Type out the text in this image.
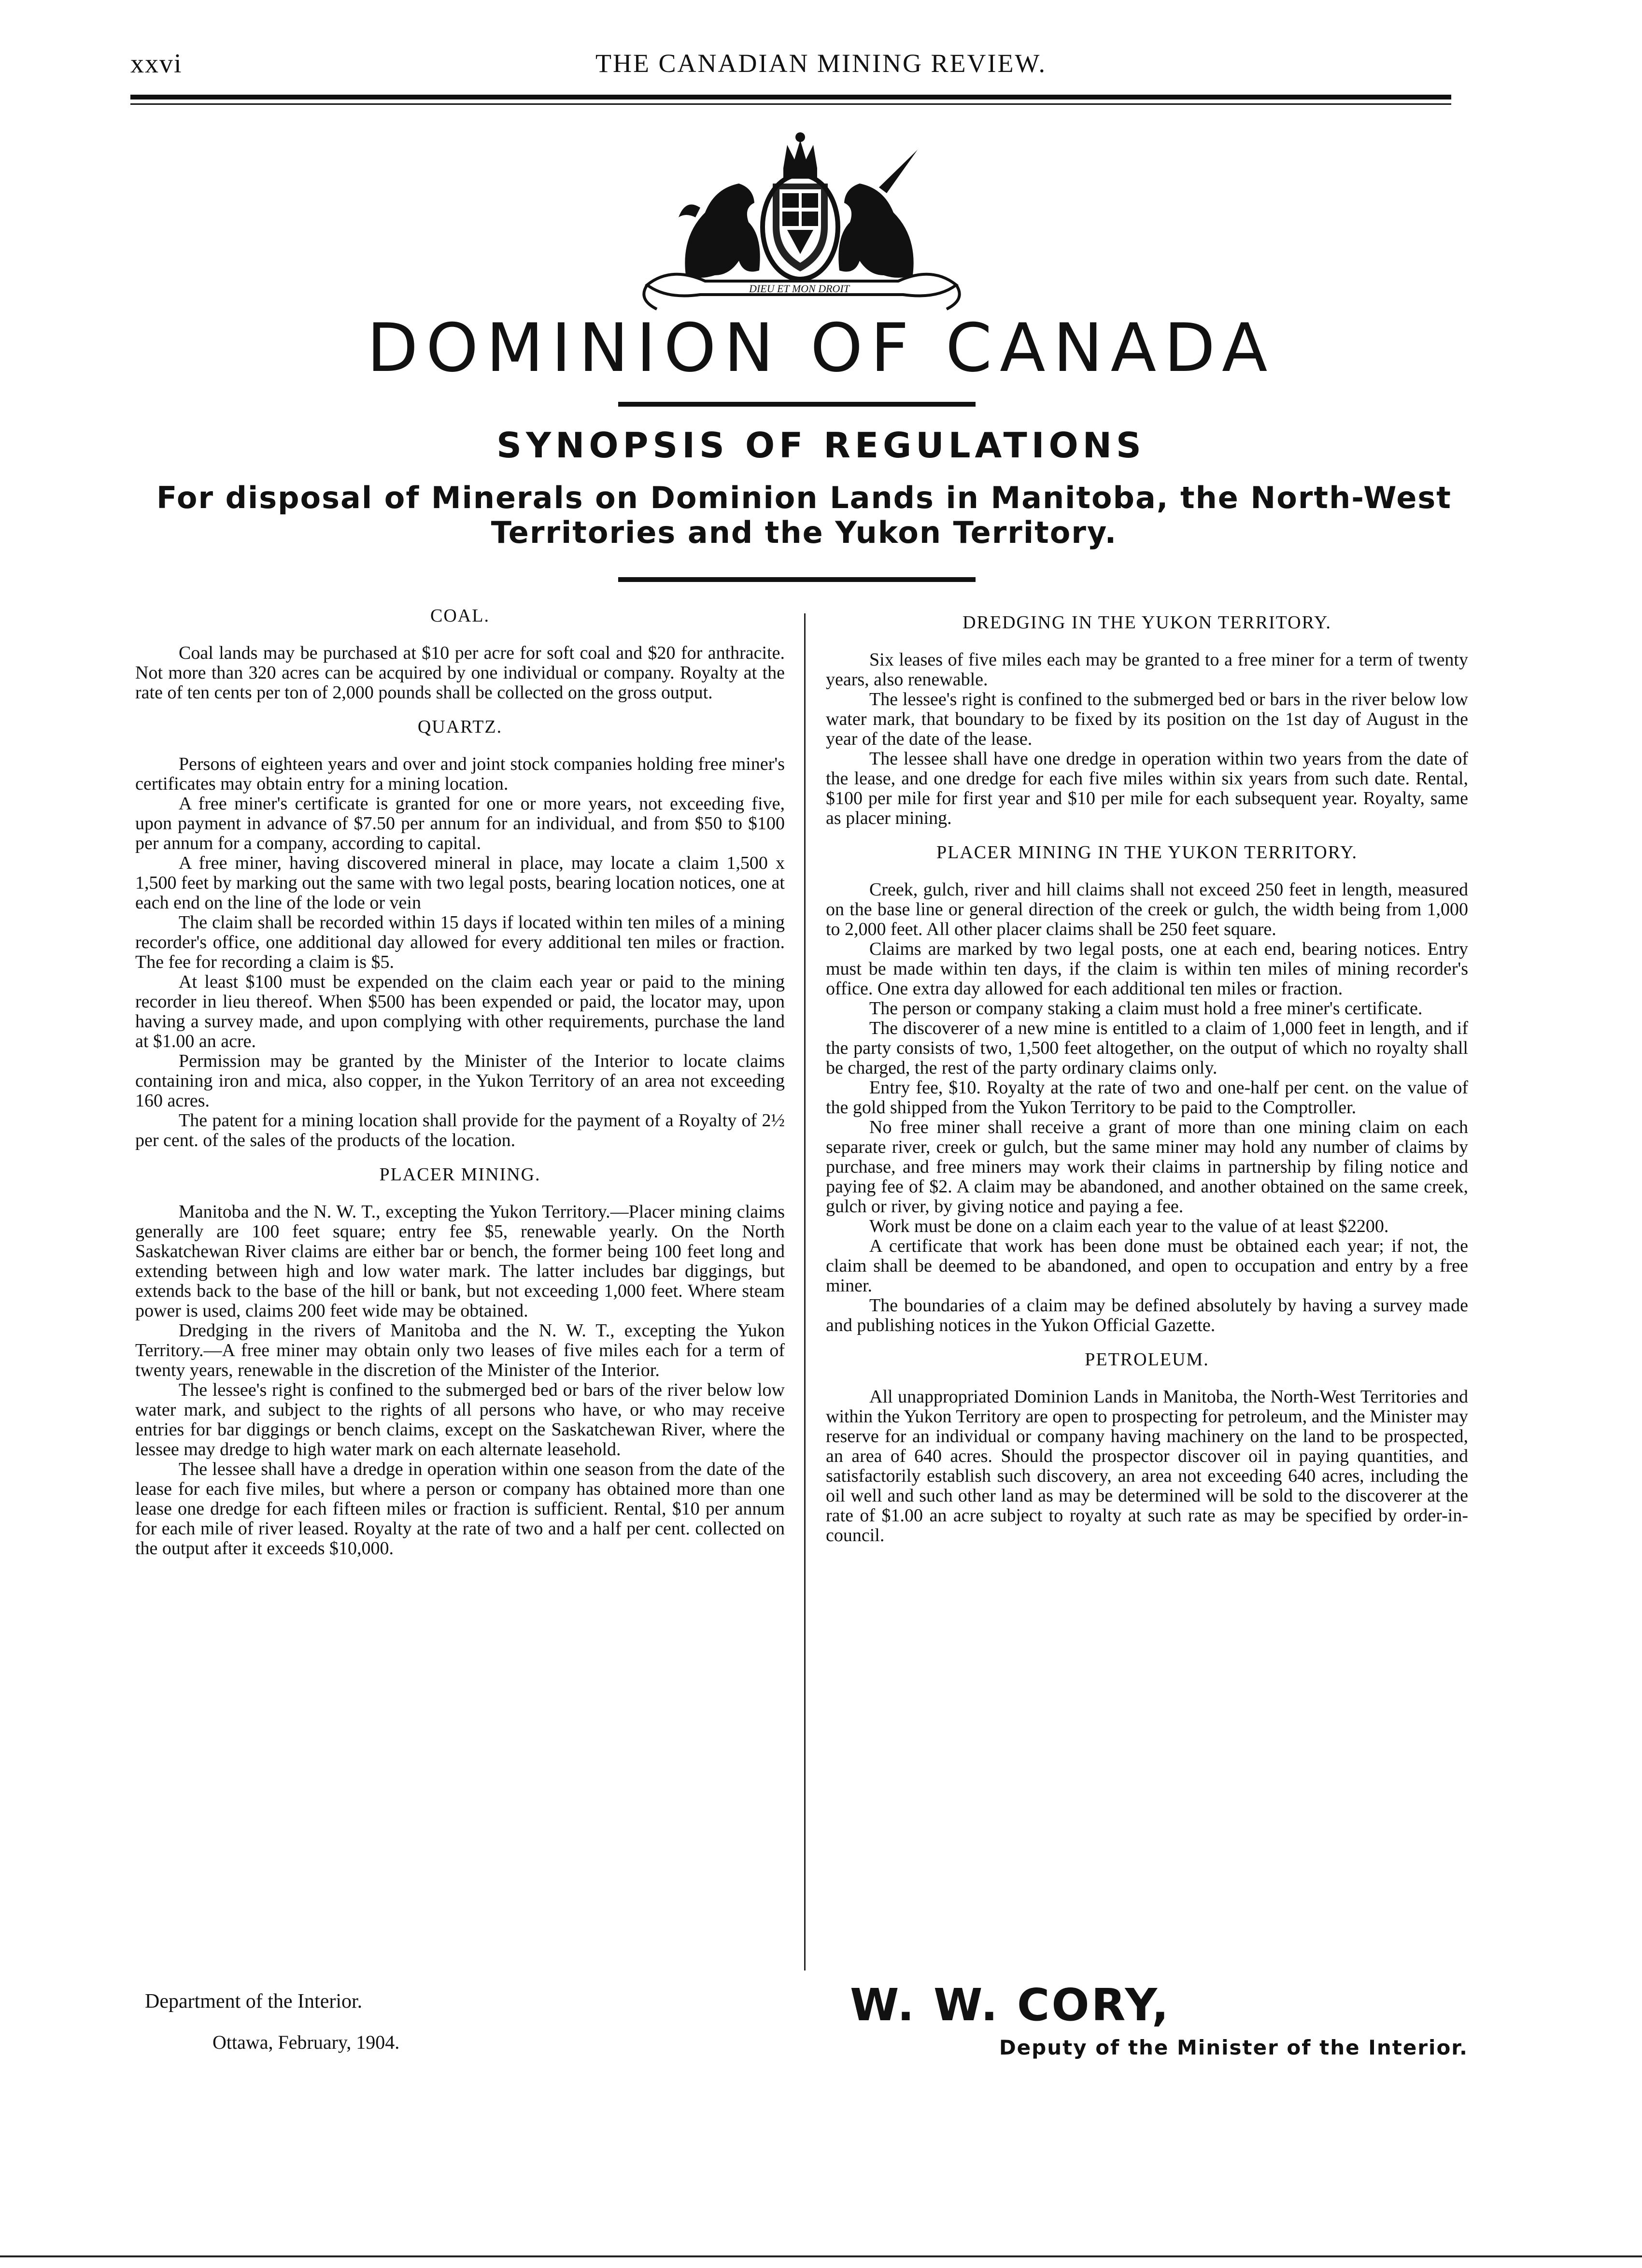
xxvi	THE CANADIAN MINING REVIEW.
DIEU ET MON DROIT
DOMINION OF CANADA
SYNOPSIS OF REGULATIONS
For disposal of Minerals on Dominion Lands in Manitoba, the North-West Territories and the Yukon Territory.
COAL.

Coal lands may be purchased at $10 per acre for soft coal and $20 for anthracite. Not more than 320 acres can be acquired by one individual or company. Royalty at the rate of ten cents per ton of 2,000 pounds shall be collected on the gross output.

QUARTZ.

Persons of eighteen years and over and joint stock companies holding free miner's certificates may obtain entry for a mining location.

A free miner's certificate is granted for one or more years, not exceeding five, upon payment in advance of $7.50 per annum for an individual, and from $50 to $100 per annum for a company, according to capital.

A free miner, having discovered mineral in place, may locate a claim 1,500 x 1,500 feet by marking out the same with two legal posts, bearing location notices, one at each end on the line of the lode or vein

The claim shall be recorded within 15 days if located within ten miles of a mining recorder's office, one additional day allowed for every additional ten miles or fraction. The fee for recording a claim is $5.

At least $100 must be expended on the claim each year or paid to the mining recorder in lieu thereof. When $500 has been expended or paid, the locator may, upon having a survey made, and upon complying with other requirements, purchase the land at $1.00 an acre.

Permission may be granted by the Minister of the Interior to locate claims containing iron and mica, also copper, in the Yukon Territory of an area not exceeding 160 acres.

The patent for a mining location shall provide for the payment of a Royalty of 2½ per cent. of the sales of the products of the location.

PLACER MINING.

Manitoba and the N. W. T., excepting the Yukon Territory.—Placer mining claims generally are 100 feet square; entry fee $5, renewable yearly. On the North Saskatchewan River claims are either bar or bench, the former being 100 feet long and extending between high and low water mark. The latter includes bar diggings, but extends back to the base of the hill or bank, but not exceeding 1,000 feet. Where steam power is used, claims 200 feet wide may be obtained.

Dredging in the rivers of Manitoba and the N. W. T., excepting the Yukon Territory.—A free miner may obtain only two leases of five miles each for a term of twenty years, renewable in the discretion of the Minister of the Interior.

The lessee's right is confined to the submerged bed or bars of the river below low water mark, and subject to the rights of all persons who have, or who may receive entries for bar diggings or bench claims, except on the Saskatchewan River, where the lessee may dredge to high water mark on each alternate leasehold.

The lessee shall have a dredge in operation within one season from the date of the lease for each five miles, but where a person or company has obtained more than one lease one dredge for each fifteen miles or fraction is sufficient. Rental, $10 per annum for each mile of river leased. Royalty at the rate of two and a half per cent. collected on the output after it exceeds $10,000.

DREDGING IN THE YUKON TERRITORY.

Six leases of five miles each may be granted to a free miner for a term of twenty years, also renewable.

The lessee's right is confined to the submerged bed or bars in the river below low water mark, that boundary to be fixed by its position on the 1st day of August in the year of the date of the lease.

The lessee shall have one dredge in operation within two years from the date of the lease, and one dredge for each five miles within six years from such date. Rental, $100 per mile for first year and $10 per mile for each subsequent year. Royalty, same as placer mining.

PLACER MINING IN THE YUKON TERRITORY.

Creek, gulch, river and hill claims shall not exceed 250 feet in length, measured on the base line or general direction of the creek or gulch, the width being from 1,000 to 2,000 feet. All other placer claims shall be 250 feet square.

Claims are marked by two legal posts, one at each end, bearing notices. Entry must be made within ten days, if the claim is within ten miles of mining recorder's office. One extra day allowed for each additional ten miles or fraction.

The person or company staking a claim must hold a free miner's certificate.

The discoverer of a new mine is entitled to a claim of 1,000 feet in length, and if the party consists of two, 1,500 feet altogether, on the output of which no royalty shall be charged, the rest of the party ordinary claims only.

Entry fee, $10. Royalty at the rate of two and one-half per cent. on the value of the gold shipped from the Yukon Territory to be paid to the Comptroller.

No free miner shall receive a grant of more than one mining claim on each separate river, creek or gulch, but the same miner may hold any number of claims by purchase, and free miners may work their claims in partnership by filing notice and paying fee of $2. A claim may be abandoned, and another obtained on the same creek, gulch or river, by giving notice and paying a fee.

Work must be done on a claim each year to the value of at least $2200.

A certificate that work has been done must be obtained each year; if not, the claim shall be deemed to be abandoned, and open to occupation and entry by a free miner.

The boundaries of a claim may be defined absolutely by having a survey made and publishing notices in the Yukon Official Gazette.

PETROLEUM.

All unappropriated Dominion Lands in Manitoba, the North-West Territories and within the Yukon Territory are open to prospecting for petroleum, and the Minister may reserve for an individual or company having machinery on the land to be prospected, an area of 640 acres. Should the prospector discover oil in paying quantities, and satisfactorily establish such discovery, an area not exceeding 640 acres, including the oil well and such other land as may be determined will be sold to the discoverer at the rate of $1.00 an acre subject to royalty at such rate as may be specified by order-in-council.

Department of the Interior.
Ottawa, February, 1904.
W. W. CORY,
Deputy of the Minister of the Interior.
